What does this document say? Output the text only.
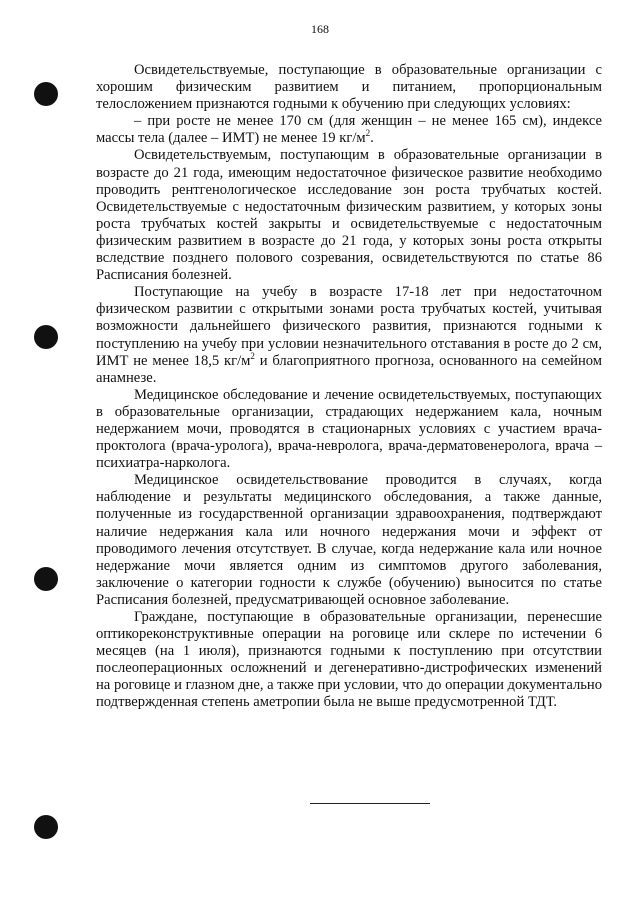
168

Освидетельствуемые, поступающие в образовательные организации с хорошим физическим развитием и питанием, пропорциональным телосложением признаются годными к обучению при следующих условиях:

– при росте не менее 170 см (для женщин – не менее 165 см), индексе массы тела (далее – ИМТ) не менее 19 $кг/м^2$.

Освидетельствуемым, поступающим в образовательные организации в возрасте до 21 года, имеющим недостаточное физическое развитие необходимо проводить рентгенологическое исследование зон роста трубчатых костей. Освидетельствуемые с недостаточным физическим развитием, у которых зоны роста трубчатых костей закрыты и освидетельствуемые с недостаточным физическим развитием в возрасте до 21 года, у которых зоны роста открыты вследствие позднего полового созревания, освидетельствуются по статье 86 Расписания болезней.

Поступающие на учебу в возрасте 17-18 лет при недостаточном физическом развитии с открытыми зонами роста трубчатых костей, учитывая возможности дальнейшего физического развития, признаются годными к поступлению на учебу при условии незначительного отставания в росте до 2 см, ИМТ не менее 18,5 $кг/м^2$ и благоприятного прогноза, основанного на семейном анамнезе.

Медицинское обследование и лечение освидетельствуемых, поступающих в образовательные организации, страдающих недержанием кала, ночным недержанием мочи, проводятся в стационарных условиях с участием врача-проктолога (врача-уролога), врача-невролога, врача-дерматовенеролога, врача – психиатра-нарколога.

Медицинское освидетельствование проводится в случаях, когда наблюдение и результаты медицинского обследования, а также данные, полученные из государственной организации здравоохранения, подтверждают наличие недержания кала или ночного недержания мочи и эффект от проводимого лечения отсутствует. В случае, когда недержание кала или ночное недержание мочи является одним из симптомов другого заболевания, заключение о категории годности к службе (обучению) выносится по статье Расписания болезней, предусматривающей основное заболевание.

Граждане, поступающие в образовательные организации, перенесшие оптикореконструктивные операции на роговице или склере по истечении 6 месяцев (на 1 июля), признаются годными к поступлению при отсутствии послеоперационных осложнений и дегенеративно-дистрофических изменений на роговице и глазном дне, а также при условии, что до операции документально подтвержденная степень аметропии была не выше предусмотренной ТДТ.
